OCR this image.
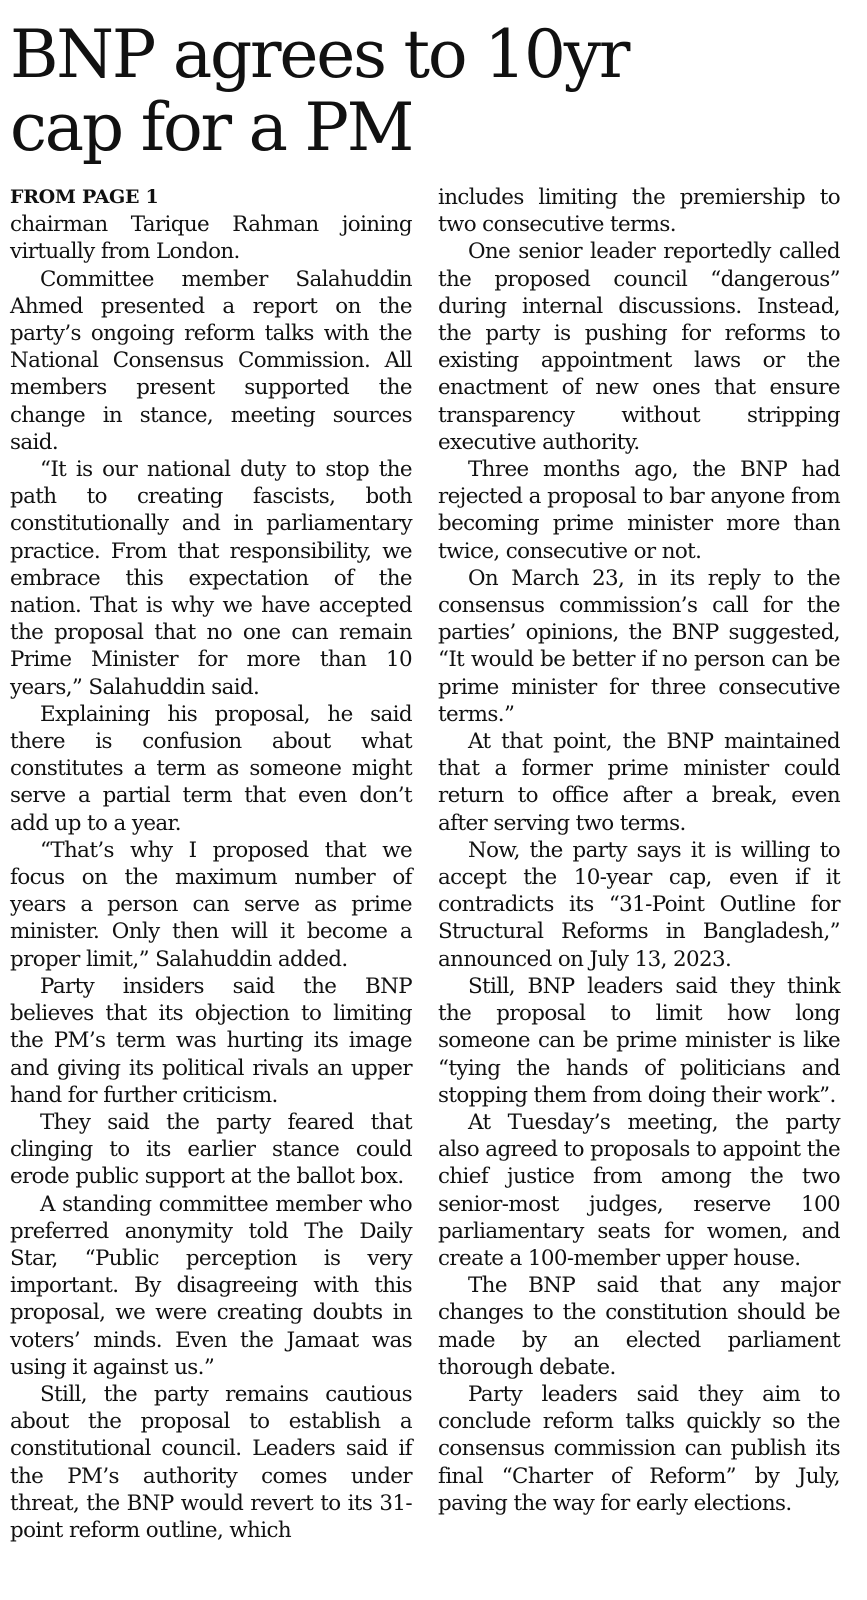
BNP agrees to 10yr
cap for a PM
FROM PAGE 1

chairman Tarique Rahman joining virtually from London.

Committee member Salahuddin Ahmed presented a report on the party’s ongoing reform talks with the National Consensus Commission. All members present supported the change in stance, meeting sources said.

“It is our national duty to stop the path to creating fascists, both constitutionally and in parliamentary practice. From that responsibility, we embrace this expectation of the nation. That is why we have accepted the proposal that no one can remain Prime Minister for more than 10 years,” Salahuddin said.

Explaining his proposal, he said there is confusion about what constitutes a term as someone might serve a partial term that even don’t add up to a year.

“That’s why I proposed that we focus on the maximum number of years a person can serve as prime minister. Only then will it become a proper limit,” Salahuddin added.

Party insiders said the BNP believes that its objection to limiting the PM’s term was hurting its image and giving its political rivals an upper hand for further criticism.

They said the party feared that clinging to its earlier stance could erode public support at the ballot box.

A standing committee member who preferred anonymity told The Daily Star, “Public perception is very important. By disagreeing with this proposal, we were creating doubts in voters’ minds. Even the Jamaat was using it against us.”

Still, the party remains cautious about the proposal to establish a constitutional council. Leaders said if the PM’s authority comes under threat, the BNP would revert to its 31-point reform outline, which

includes limiting the premiership to two consecutive terms.

One senior leader reportedly called the proposed council “dangerous” during internal discussions. Instead, the party is pushing for reforms to existing appointment laws or the enactment of new ones that ensure transparency without stripping executive authority.

Three months ago, the BNP had rejected a proposal to bar anyone from becoming prime minister more than twice, consecutive or not.

On March 23, in its reply to the consensus commission’s call for the parties’ opinions, the BNP suggested, “It would be better if no person can be prime minister for three consecutive terms.”

At that point, the BNP maintained that a former prime minister could return to office after a break, even after serving two terms.

Now, the party says it is willing to accept the 10-year cap, even if it contradicts its “31-Point Outline for Structural Reforms in Bangladesh,” announced on July 13, 2023.

Still, BNP leaders said they think the proposal to limit how long someone can be prime minister is like “tying the hands of politicians and stopping them from doing their work”.

At Tuesday’s meeting, the party also agreed to proposals to appoint the chief justice from among the two senior-most judges, reserve 100 parliamentary seats for women, and create a 100-member upper house.

The BNP said that any major changes to the constitution should be made by an elected parliament thorough debate.

Party leaders said they aim to conclude reform talks quickly so the consensus commission can publish its final “Charter of Reform” by July, paving the way for early elections.
